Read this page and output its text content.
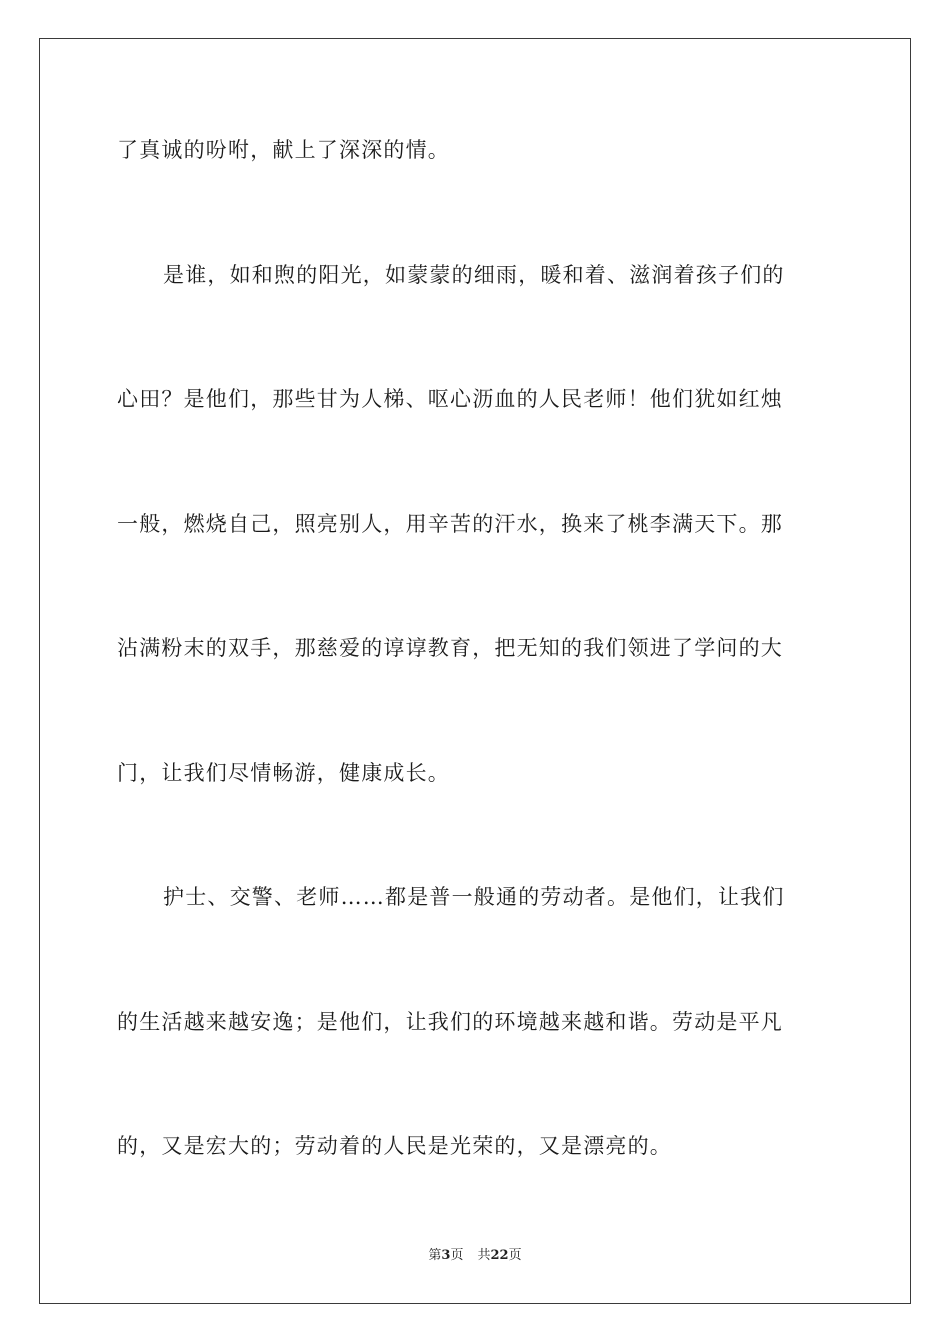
了真诚的吩咐，献上了深深的情。
是谁，如和煦的阳光，如蒙蒙的细雨，暖和着、滋润着孩子们的
心田？是他们，那些甘为人梯、呕心沥血的人民老师！他们犹如红烛
一般，燃烧自己，照亮别人，用辛苦的汗水，换来了桃李满天下。那
沾满粉末的双手，那慈爱的谆谆教育，把无知的我们领进了学问的大
门，让我们尽情畅游，健康成长。
护士、交警、老师……都是普一般通的劳动者。是他们，让我们
的生活越来越安逸；是他们，让我们的环境越来越和谐。劳动是平凡
的，又是宏大的；劳动着的人民是光荣的，又是漂亮的。
第3页 共22页
